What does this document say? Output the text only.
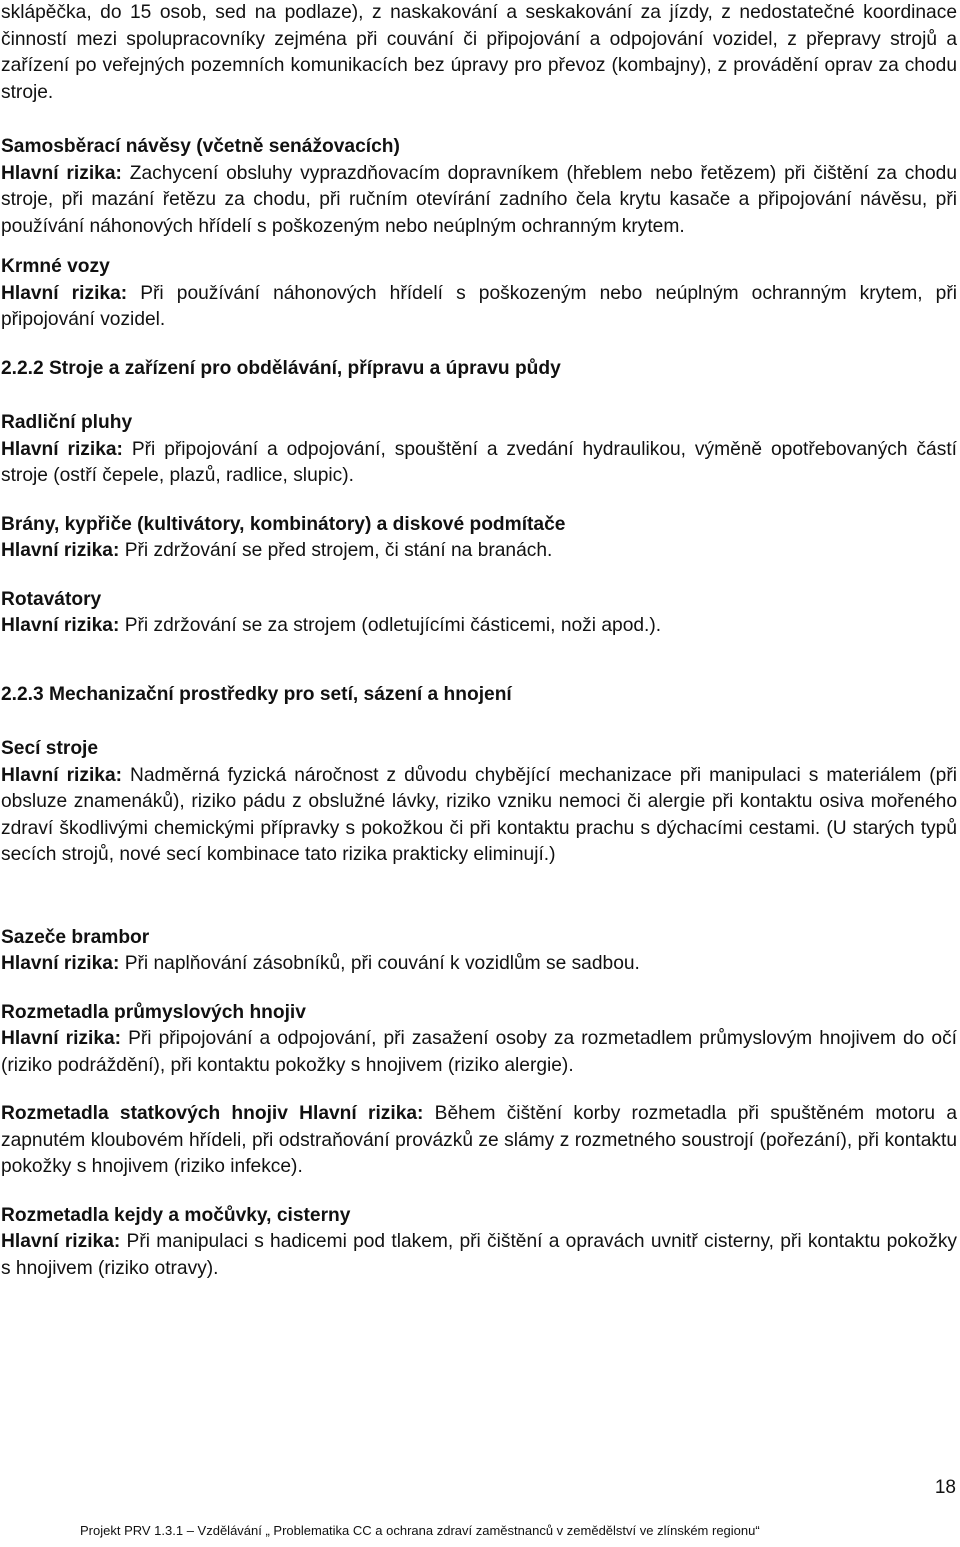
sklápěčka, do 15 osob, sed na podlaze), z naskakování a seskakování za jízdy, z nedostatečné koordinace činností mezi spolupracovníky zejména při couvání či připojování a odpojování vozidel, z přepravy strojů a zařízení po veřejných pozemních komunikacích bez úpravy pro převoz (kombajny), z provádění oprav za chodu stroje.

Samosběrací návěsy (včetně senážovacích)

Hlavní rizika: Zachycení obsluhy vyprazdňovacím dopravníkem (hřeblem nebo řetězem) při čištění za chodu stroje, při mazání řetězu za chodu, při ručním otevírání zadního čela krytu kasače a připojování návěsu, při používání náhonových hřídelí s poškozeným nebo neúplným ochranným krytem.

Krmné vozy

Hlavní rizika: Při používání náhonových hřídelí s poškozeným nebo neúplným ochranným krytem, při připojování vozidel.

2.2.2 Stroje a zařízení pro obdělávání, přípravu a úpravu půdy

Radliční pluhy

Hlavní rizika: Při připojování a odpojování, spouštění a zvedání hydraulikou, výměně opotřebovaných částí stroje (ostří čepele, plazů, radlice, slupic).

Brány, kypřiče (kultivátory, kombinátory) a diskové podmítače

Hlavní rizika: Při zdržování se před strojem, či stání na branách.

Rotavátory

Hlavní rizika: Při zdržování se za strojem (odletujícími částicemi, noži apod.).

2.2.3 Mechanizační prostředky pro setí, sázení a hnojení

Secí stroje

Hlavní rizika: Nadměrná fyzická náročnost z důvodu chybějící mechanizace při manipulaci s materiálem (při obsluze znamenáků), riziko pádu z obslužné lávky, riziko vzniku nemoci či alergie při kontaktu osiva mořeného zdraví škodlivými chemickými přípravky s pokožkou či při kontaktu prachu s dýchacími cestami. (U starých typů secích strojů, nové secí kombinace tato rizika prakticky eliminují.)

Sazeče brambor

Hlavní rizika: Při naplňování zásobníků, při couvání k vozidlům se sadbou.

Rozmetadla průmyslových hnojiv

Hlavní rizika: Při připojování a odpojování, při zasažení osoby za rozmetadlem průmyslovým hnojivem do očí (riziko podráždění), při kontaktu pokožky s hnojivem (riziko alergie).

Rozmetadla statkových hnojiv Hlavní rizika: Během čištění korby rozmetadla při spuštěném motoru a zapnutém kloubovém hřídeli, při odstraňování provázků ze slámy z rozmetného soustrojí (pořezání), při kontaktu pokožky s hnojivem (riziko infekce).

Rozmetadla kejdy a močůvky, cisterny

Hlavní rizika: Při manipulaci s hadicemi pod tlakem, při čištění a opravách uvnitř cisterny, při kontaktu pokožky s hnojivem (riziko otravy).

18
Projekt PRV 1.3.1 – Vzdělávání „ Problematika CC a ochrana zdraví zaměstnanců v zemědělství ve zlínském regionu“
